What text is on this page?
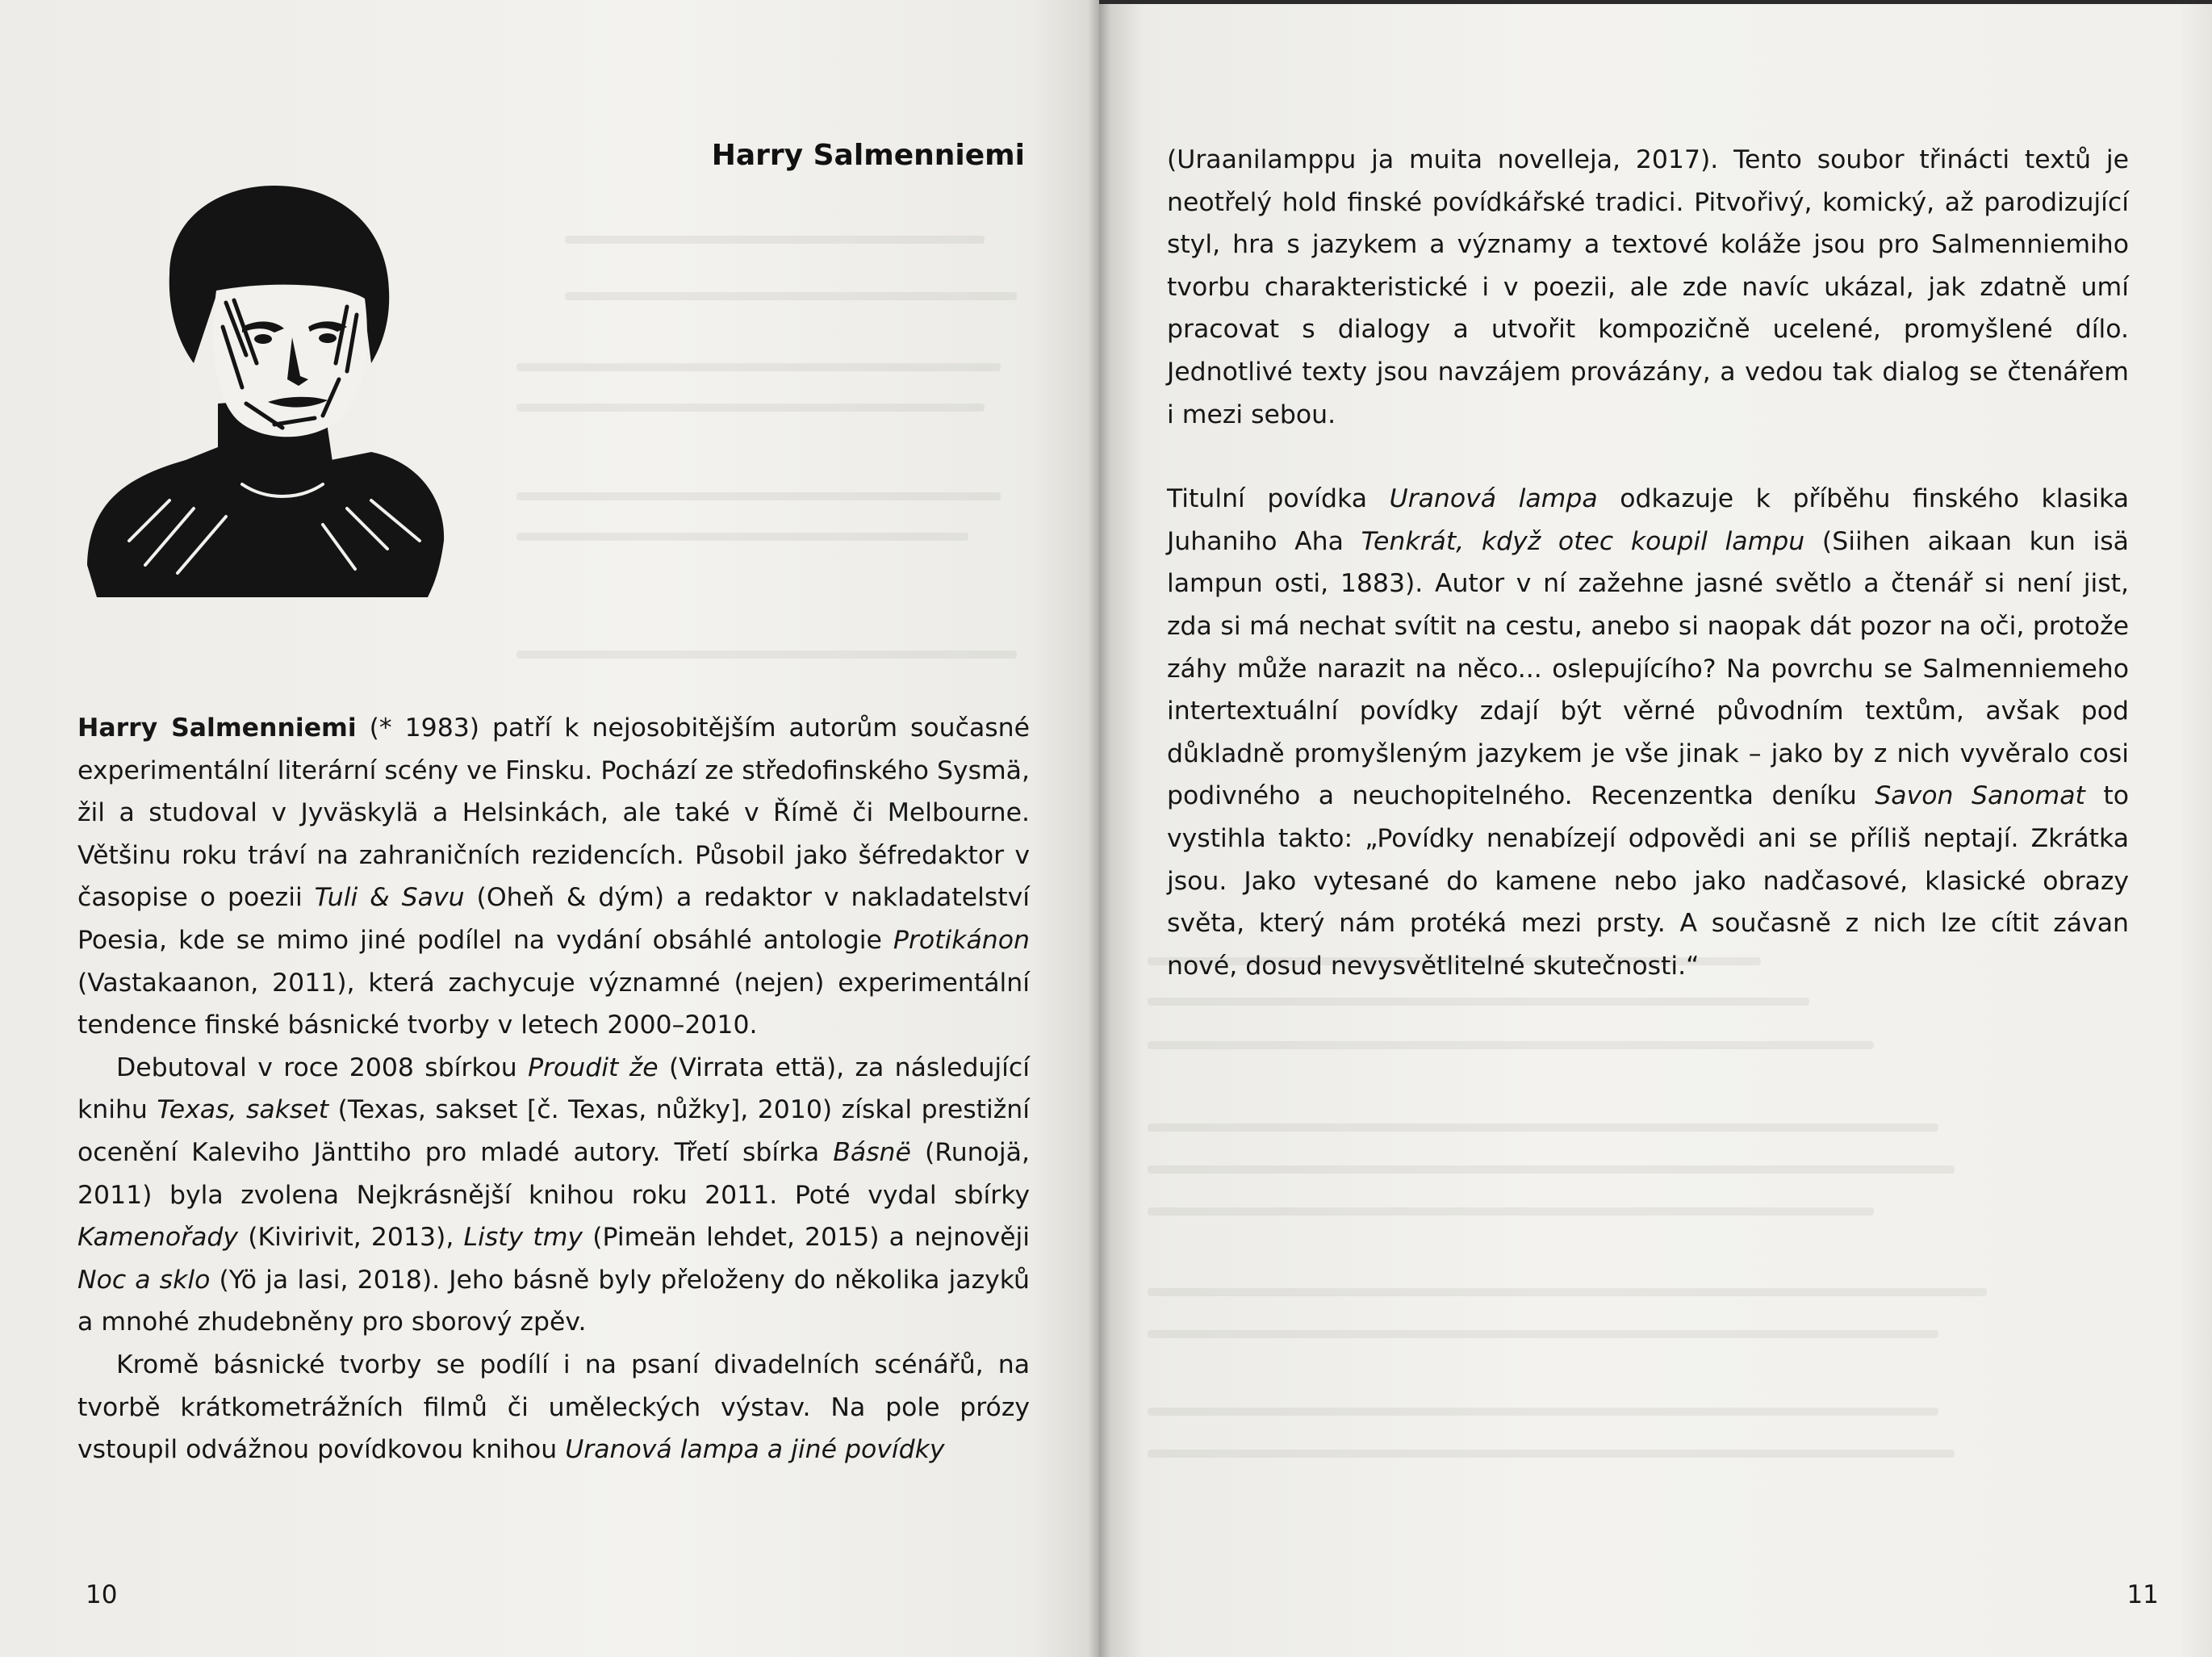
Harry Salmenniemi

Harry Salmenniemi (* 1983) patří k nejosobitějším autorům současné experimentální literární scény ve Finsku. Pochází ze středofinského Sysmä, žil a studoval v Jyväskylä a Helsinkách, ale také v Římě či Melbourne. Většinu roku tráví na zahraničních rezidencích. Působil jako šéfredaktor v časopise o poezii Tuli & Savu (Oheň & dým) a redaktor v nakladatelství Poesia, kde se mimo jiné podílel na vydání obsáhlé antologie Protikánon (Vastakaanon, 2011), která zachycuje významné (nejen) experimentální tendence finské básnické tvorby v letech 2000–2010.

Debutoval v roce 2008 sbírkou Proudit že (Virrata että), za následující knihu Texas, sakset (Texas, sakset [č. Texas, nůžky], 2010) získal prestižní ocenění Kaleviho Jänttiho pro mladé autory. Třetí sbírka Básnë (Runojä, 2011) byla zvolena Nejkrásnější knihou roku 2011. Poté vydal sbírky Kamenořady (Kivirivit, 2013), Listy tmy (Pimeän lehdet, 2015) a nejnověji Noc a sklo (Yö ja lasi, 2018). Jeho básně byly přeloženy do několika jazyků a mnohé zhudebněny pro sborový zpěv.

Kromě básnické tvorby se podílí i na psaní divadelních scénářů, na tvorbě krátkometrážních filmů či uměleckých výstav. Na pole prózy vstoupil odvážnou povídkovou knihou Uranová lampa a jiné povídky

10

(Uraanilamppu ja muita novelleja, 2017). Tento soubor třinácti textů je neotřelý hold finské povídkářské tradici. Pitvořivý, komický, až parodizující styl, hra s jazykem a významy a textové koláže jsou pro Salmenniemiho tvorbu charakteristické i v poezii, ale zde navíc ukázal, jak zdatně umí pracovat s dialogy a utvořit kompozičně ucelené, promyšlené dílo. Jednotlivé texty jsou navzájem provázány, a vedou tak dialog se čtenářem i mezi sebou.

Titulní povídka Uranová lampa odkazuje k příběhu finského klasika Juhaniho Aha Tenkrát, když otec koupil lampu (Siihen aikaan kun isä lampun osti, 1883). Autor v ní zažehne jasné světlo a čtenář si není jist, zda si má nechat svítit na cestu, anebo si naopak dát pozor na oči, protože záhy může narazit na něco... oslepujícího? Na povrchu se Salmenniemeho intertextuální povídky zdají být věrné původním textům, avšak pod důkladně promyšleným jazykem je vše jinak – jako by z nich vyvěralo cosi podivného a neuchopitelného. Recenzentka deníku Savon Sanomat to vystihla takto: „Povídky nenabízejí odpovědi ani se příliš neptají. Zkrátka jsou. Jako vytesané do kamene nebo jako nadčasové, klasické obrazy světa, který nám protéká mezi prsty. A současně z nich lze cítit závan nové, dosud nevysvětlitelné skutečnosti.“

11
